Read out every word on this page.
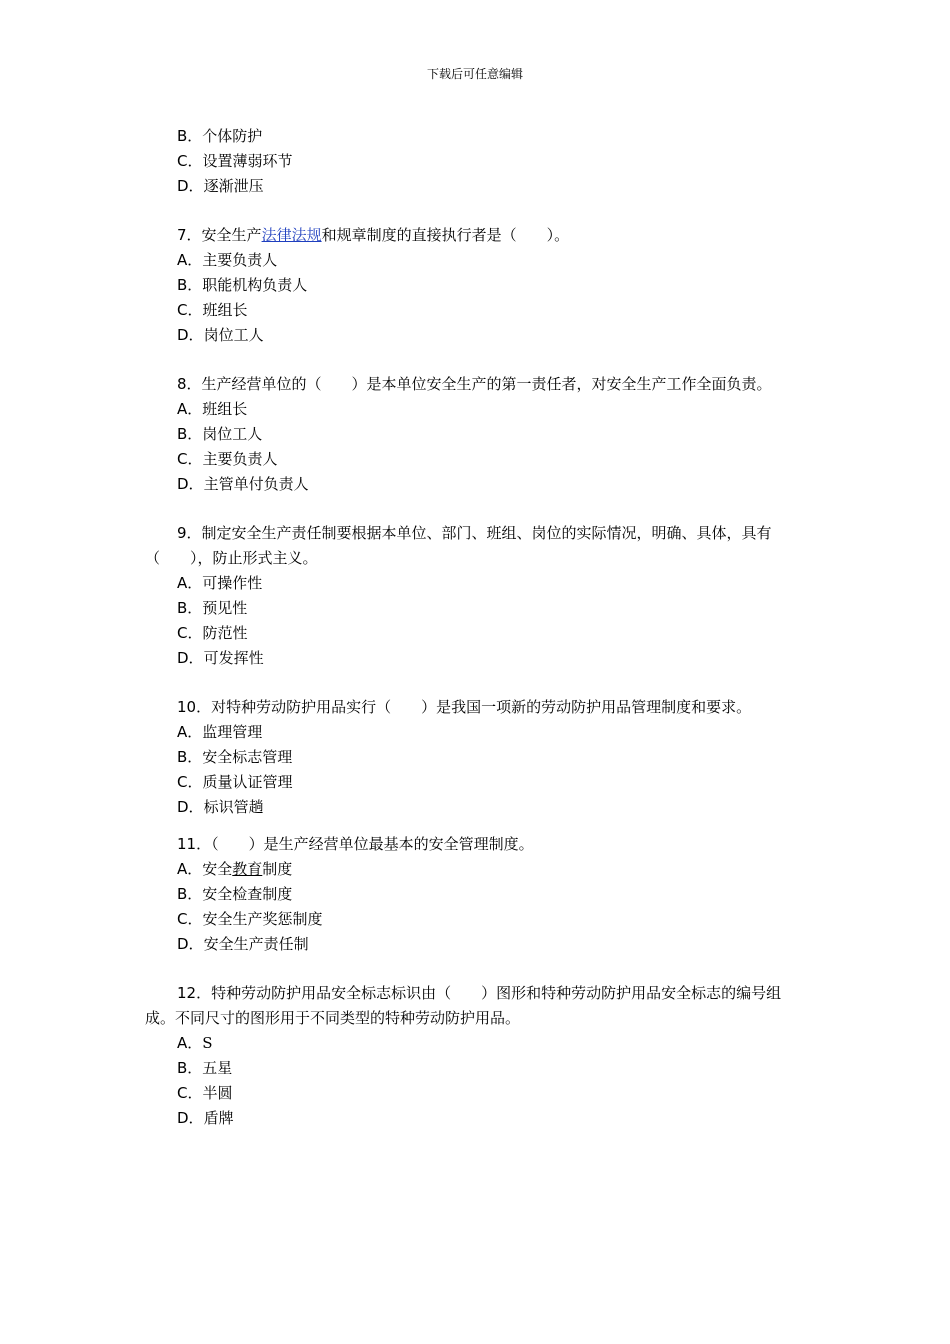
下载后可任意编辑
B．个体防护
C．设置薄弱环节
D．逐渐泄压
7．安全生产法律法规和规章制度的直接执行者是（　　）。
A．主要负责人
B．职能机构负责人
C．班组长
D．岗位工人
8．生产经营单位的（　　）是本单位安全生产的第一责任者，对安全生产工作全面负责。
A．班组长
B．岗位工人
C．主要负责人
D．主管单付负责人
9．制定安全生产责任制要根据本单位、部门、班组、岗位的实际情况，明确、具体，具有（　　），防止形式主义。
A．可操作性
B．预见性
C．防范性
D．可发挥性
10．对特种劳动防护用品实行（　　）是我国一项新的劳动防护用品管理制度和要求。
A．监理管理
B．安全标志管理
C．质量认证管理
D．标识管趟
11．（　　）是生产经营单位最基本的安全管理制度。
A．安全教育制度
B．安全检查制度
C．安全生产奖惩制度
D．安全生产责任制
12．特种劳动防护用品安全标志标识由（　　）图形和特种劳动防护用品安全标志的编号组成。不同尺寸的图形用于不同类型的特种劳动防护用品。
A．S
B．五星
C．半圆
D．盾牌
